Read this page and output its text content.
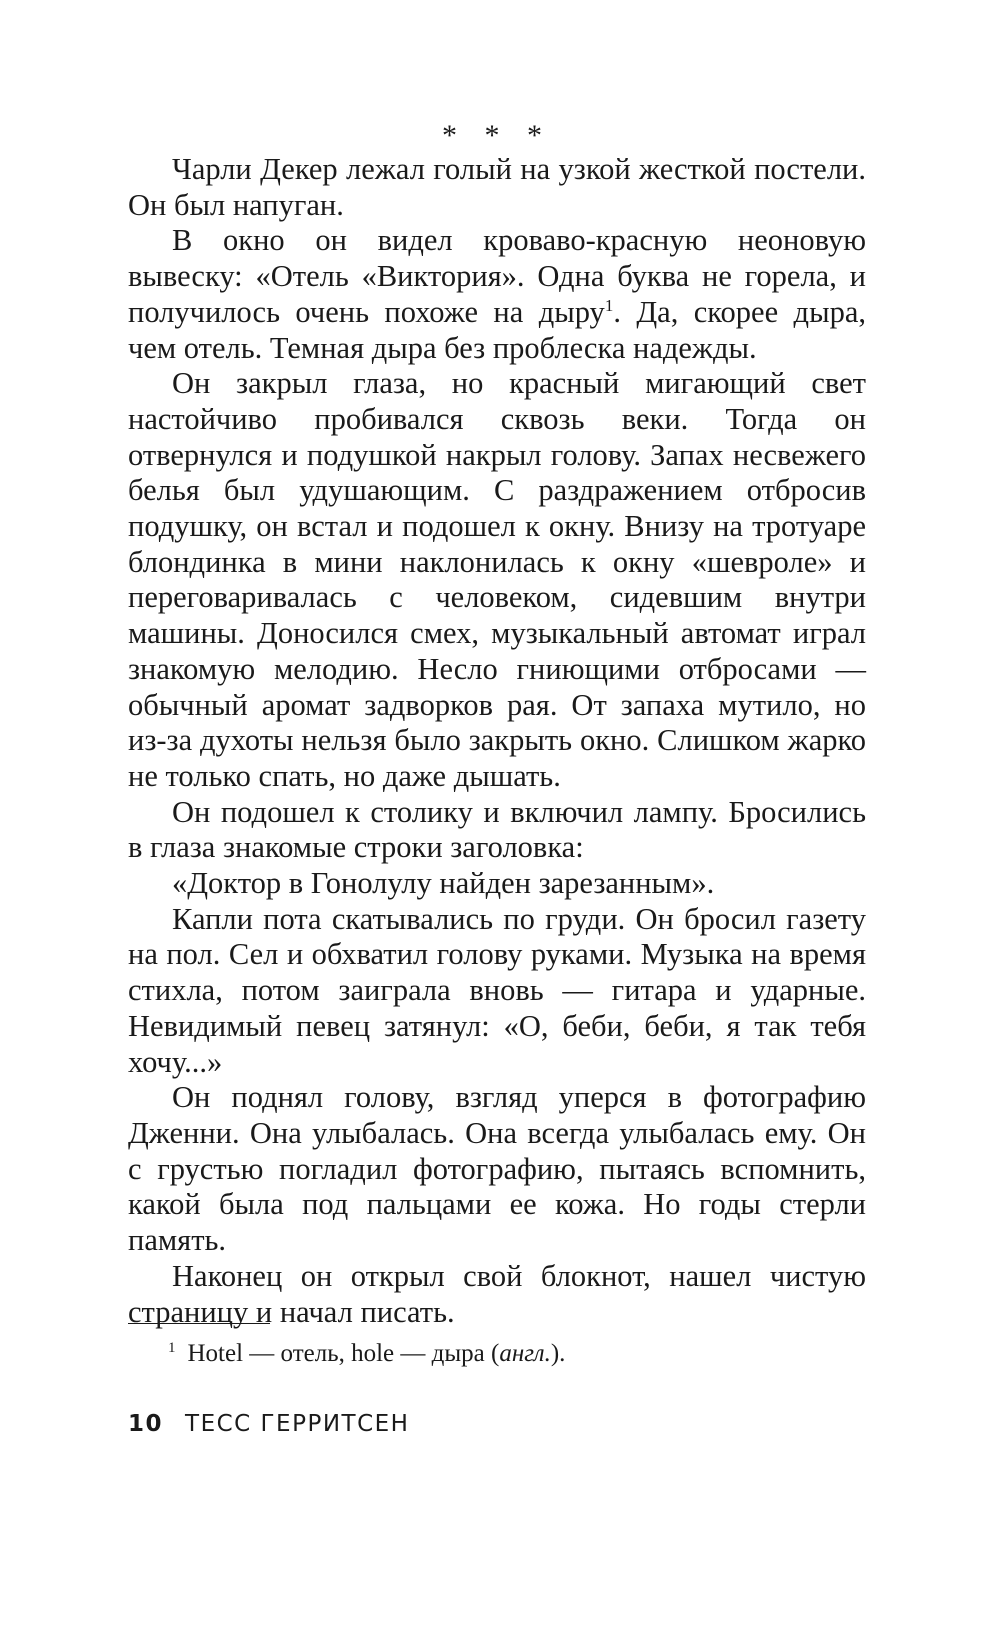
* * *

Чарли Декер лежал голый на узкой жесткой постели. Он был напуган.

В окно он видел кроваво-красную неоновую вывеску: «Отель «Виктория». Одна буква не горела, и получилось очень похоже на дыру$^1$. Да, скорее дыра, чем отель. Темная дыра без проблеска надежды.

Он закрыл глаза, но красный мигающий свет настойчиво пробивался сквозь веки. Тогда он отвернулся и подушкой накрыл голову. Запах несвежего белья был удушающим. С раздражением отбросив подушку, он встал и подошел к окну. Внизу на тротуаре блондинка в мини наклонилась к окну «шевроле» и переговаривалась с человеком, сидевшим внутри машины. Доносился смех, музыкальный автомат играл знакомую мелодию. Несло гниющими отбросами — обычный аромат задворков рая. От запаха мутило, но из-за духоты нельзя было закрыть окно. Слишком жарко не только спать, но даже дышать.

Он подошел к столику и включил лампу. Бросились в глаза знакомые строки заголовка:

«Доктор в Гонолулу найден зарезанным».

Капли пота скатывались по груди. Он бросил газету на пол. Сел и обхватил голову руками. Музыка на время стихла, потом заиграла вновь — гитара и ударные. Невидимый певец затянул: «О, беби, беби, я так тебя хочу...»

Он поднял голову, взгляд уперся в фотографию Дженни. Она улыбалась. Она всегда улыбалась ему. Он с грустью погладил фотографию, пытаясь вспомнить, какой была под пальцами ее кожа. Но годы стерли память.

Наконец он открыл свой блокнот, нашел чистую страницу и начал писать.

$^1$ Hotel — отель, hole — дыра (англ.).
10 ТЕСС ГЕРРИТСЕН
